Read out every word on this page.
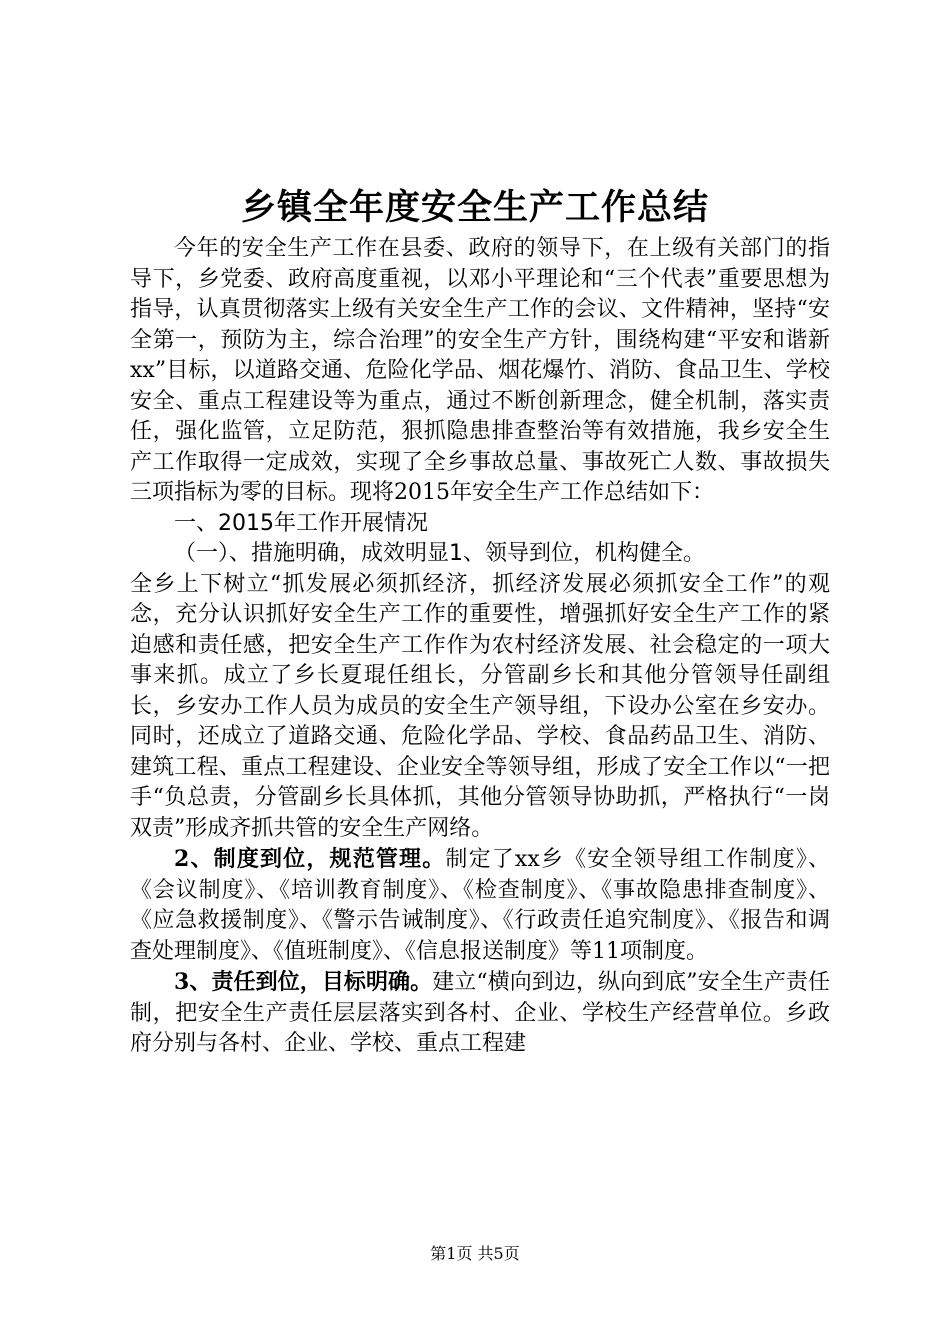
乡镇全年度安全生产工作总结

今年的安全生产工作在县委、政府的领导下，在上级有关部门的指导下，乡党委、政府高度重视，以邓小平理论和“三个代表”重要思想为指导，认真贯彻落实上级有关安全生产工作的会议、文件精神，坚持“安全第一，预防为主，综合治理”的安全生产方针，围绕构建“平安和谐新xx”目标，以道路交通、危险化学品、烟花爆竹、消防、食品卫生、学校安全、重点工程建设等为重点，通过不断创新理念，健全机制，落实责任，强化监管，立足防范，狠抓隐患排查整治等有效措施，我乡安全生产工作取得一定成效，实现了全乡事故总量、事故死亡人数、事故损失三项指标为零的目标。现将2015年安全生产工作总结如下：

一、2015年工作开展情况

（一）、措施明确，成效明显1、领导到位，机构健全。

全乡上下树立“抓发展必须抓经济，抓经济发展必须抓安全工作”的观念，充分认识抓好安全生产工作的重要性，增强抓好安全生产工作的紧迫感和责任感，把安全生产工作作为农村经济发展、社会稳定的一项大事来抓。成立了乡长夏琨任组长，分管副乡长和其他分管领导任副组长，乡安办工作人员为成员的安全生产领导组，下设办公室在乡安办。同时，还成立了道路交通、危险化学品、学校、食品药品卫生、消防、建筑工程、重点工程建设、企业安全等领导组，形成了安全工作以“一把手“负总责，分管副乡长具体抓，其他分管领导协助抓，严格执行“一岗双责”形成齐抓共管的安全生产网络。

2、制度到位，规范管理。制定了xx乡《安全领导组工作制度》、《会议制度》、《培训教育制度》、《检查制度》、《事故隐患排查制度》、《应急救援制度》、《警示告诫制度》、《行政责任追究制度》、《报告和调查处理制度》、《值班制度》、《信息报送制度》等11项制度。

3、责任到位，目标明确。建立“横向到边，纵向到底”安全生产责任制，把安全生产责任层层落实到各村、企业、学校生产经营单位。乡政府分别与各村、企业、学校、重点工程建

第1页 共5页
